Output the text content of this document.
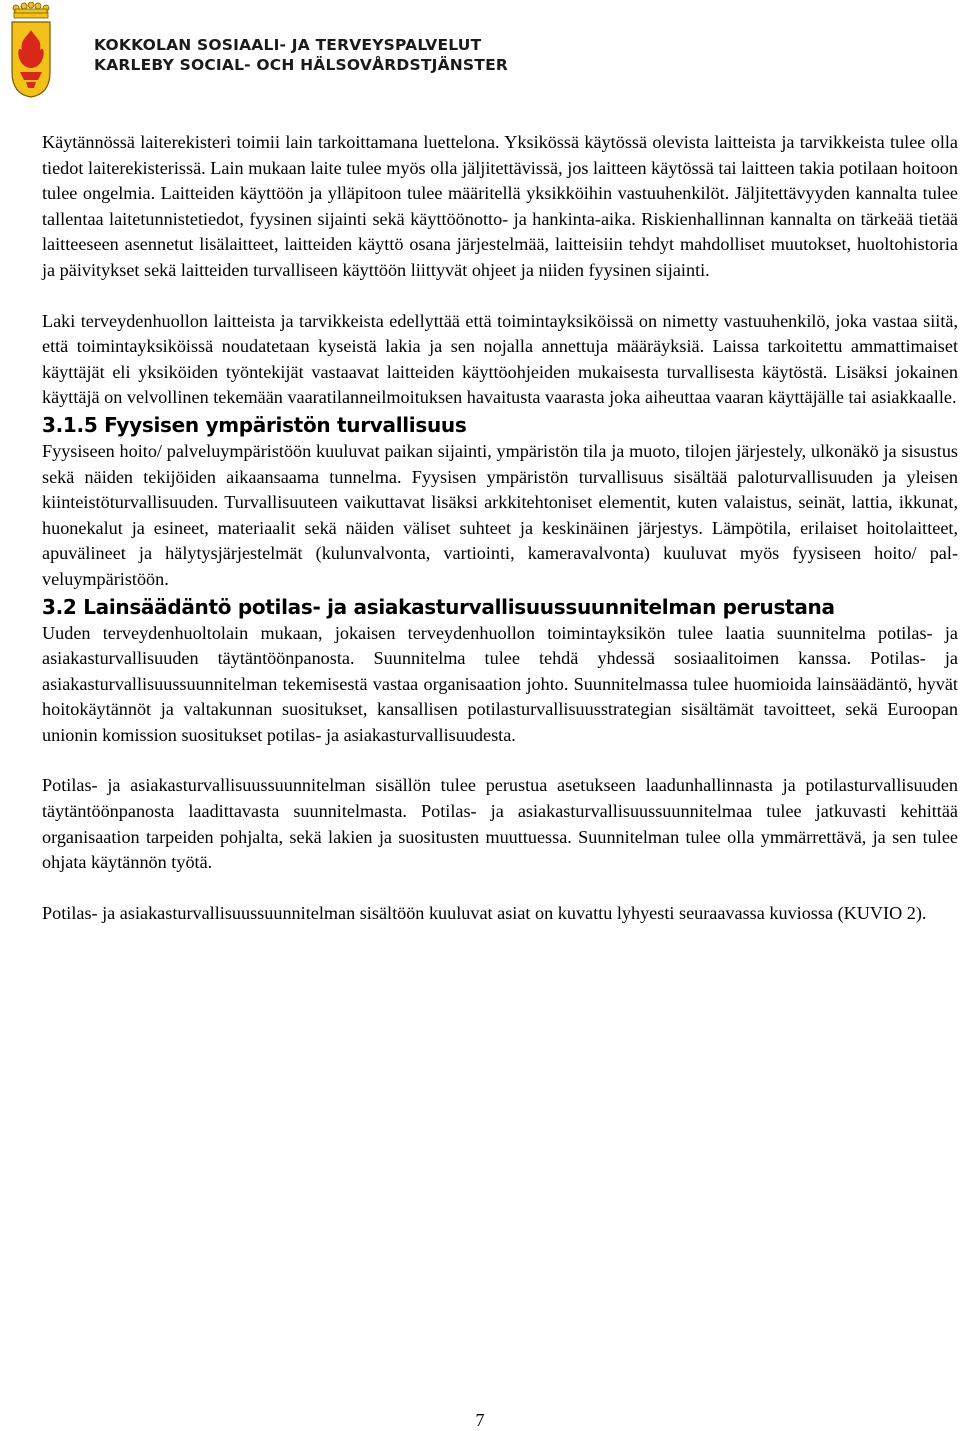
KOKKOLAN SOSIAALI- JA TERVEYSPALVELUT
KARLEBY SOCIAL- OCH HÄLSOVÅRDSTJÄNSTER

Käytännössä laiterekisteri toimii lain tarkoittamana luettelona. Yksikössä käytössä olevista laitteista ja tarvikkeista tulee olla tiedot laiterekisterissä. Lain mukaan laite tulee myös olla jäljitettävissä, jos laitteen käytössä tai laitteen takia potilaan hoitoon tulee ongelmia. Laitteiden käyttöön ja ylläpitoon tulee määritellä yksikköihin vastuuhenkilöt. Jäljitettävyyden kannalta tulee tallentaa laitetunnistetiedot, fyysinen sijainti sekä käyttöönotto- ja hankinta-aika. Riskienhallinnan kannalta on tärkeää tietää laitteeseen asennetut lisälaitteet, laitteiden käyttö osana järjestelmää, laitteisiin tehdyt mahdolliset muutokset, huoltohistoria ja päivitykset sekä laitteiden turvalliseen käyttöön liittyvät ohjeet ja niiden fyysinen sijainti.

Laki terveydenhuollon laitteista ja tarvikkeista edellyttää että toimintayksiköissä on nimetty vastuuhenkilö, joka vastaa siitä, että toimintayksiköissä noudatetaan kyseistä lakia ja sen nojalla annettuja määräyksiä. Laissa tarkoitettu ammattimaiset käyttäjät eli yksiköiden työntekijät vastaavat laitteiden käyttöohjeiden mukaisesta turvallisesta käytöstä. Lisäksi jokainen käyttäjä on velvollinen tekemään vaaratilanneilmoituksen havaitusta vaarasta joka aiheuttaa vaaran käyttäjälle tai asiakkaalle.

3.1.5 Fyysisen ympäristön turvallisuus

Fyysiseen hoito/ palveluympäristöön kuuluvat paikan sijainti, ympäristön tila ja muoto, tilojen järjestely, ulkonäkö ja sisustus sekä näiden tekijöiden aikaansaama tunnelma. Fyysisen ympäristön turvallisuus sisältää paloturvallisuuden ja yleisen kiinteistöturvallisuuden. Turvallisuuteen vaikuttavat lisäksi arkkitehtoniset elementit, kuten valaistus, seinät, lattia, ikkunat, huonekalut ja esineet, materiaalit sekä näiden väliset suhteet ja keskinäinen järjestys. Lämpötila, erilaiset hoitolaitteet, apuvälineet ja hälytysjärjestelmät (kulunvalvonta, vartiointi, kameravalvonta) kuuluvat myös fyysiseen hoito/ palveluympäristöön.

3.2 Lainsäädäntö potilas- ja asiakasturvallisuussuunnitelman perustana

Uuden terveydenhuoltolain mukaan, jokaisen terveydenhuollon toimintayksikön tulee laatia suunnitelma potilas- ja asiakasturvallisuuden täytäntöönpanosta. Suunnitelma tulee tehdä yhdessä sosiaalitoimen kanssa. Potilas- ja asiakasturvallisuussuunnitelman tekemisestä vastaa organisaation johto. Suunnitelmassa tulee huomioida lainsäädäntö, hyvät hoitokäytännöt ja valtakunnan suositukset, kansallisen potilasturvallisuusstrategian sisältämät tavoitteet, sekä Euroopan unionin komission suositukset potilas- ja asiakasturvallisuudesta.

Potilas- ja asiakasturvallisuussuunnitelman sisällön tulee perustua asetukseen laadunhallinnasta ja potilasturvallisuuden täytäntöönpanosta laadittavasta suunnitelmasta. Potilas- ja asiakasturvallisuussuunnitelmaa tulee jatkuvasti kehittää organisaation tarpeiden pohjalta, sekä lakien ja suositusten muuttuessa. Suunnitelman tulee olla ymmärrettävä, ja sen tulee ohjata käytännön työtä.

Potilas- ja asiakasturvallisuussuunnitelman sisältöön kuuluvat asiat on kuvattu lyhyesti seuraavassa kuviossa (KUVIO 2).

7
